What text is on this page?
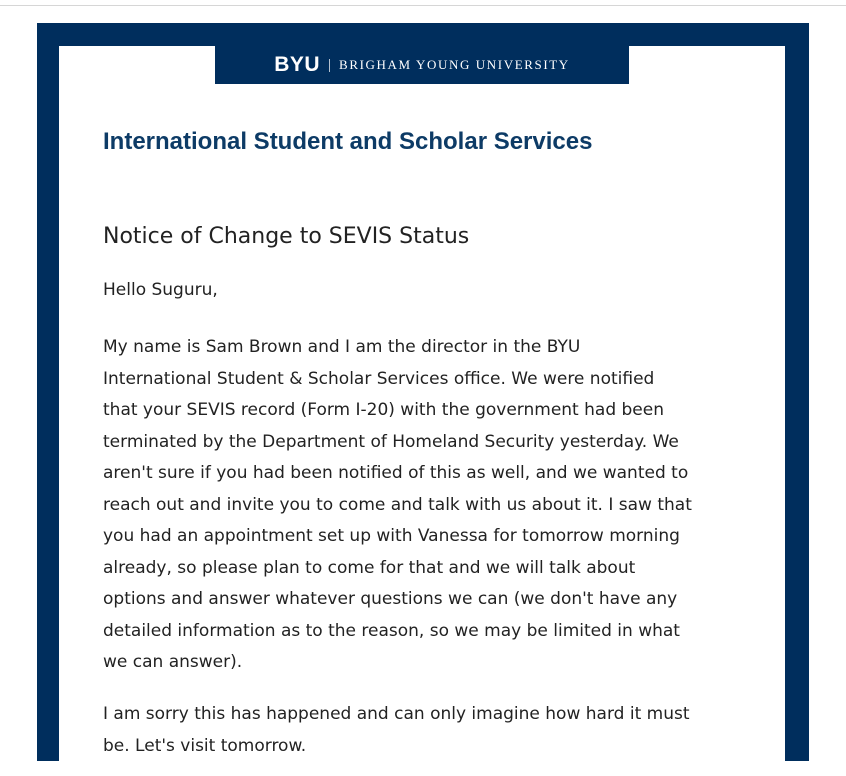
BYU | BRIGHAM YOUNG UNIVERSITY
International Student and Scholar Services
Notice of Change to SEVIS Status

Hello Suguru,

My name is Sam Brown and I am the director in the BYU
International Student & Scholar Services office. We were notified
that your SEVIS record (Form I-20) with the government had been
terminated by the Department of Homeland Security yesterday. We
aren't sure if you had been notified of this as well, and we wanted to
reach out and invite you to come and talk with us about it. I saw that
you had an appointment set up with Vanessa for tomorrow morning
already, so please plan to come for that and we will talk about
options and answer whatever questions we can (we don't have any
detailed information as to the reason, so we may be limited in what
we can answer).

I am sorry this has happened and can only imagine how hard it must
be. Let's visit tomorrow.
